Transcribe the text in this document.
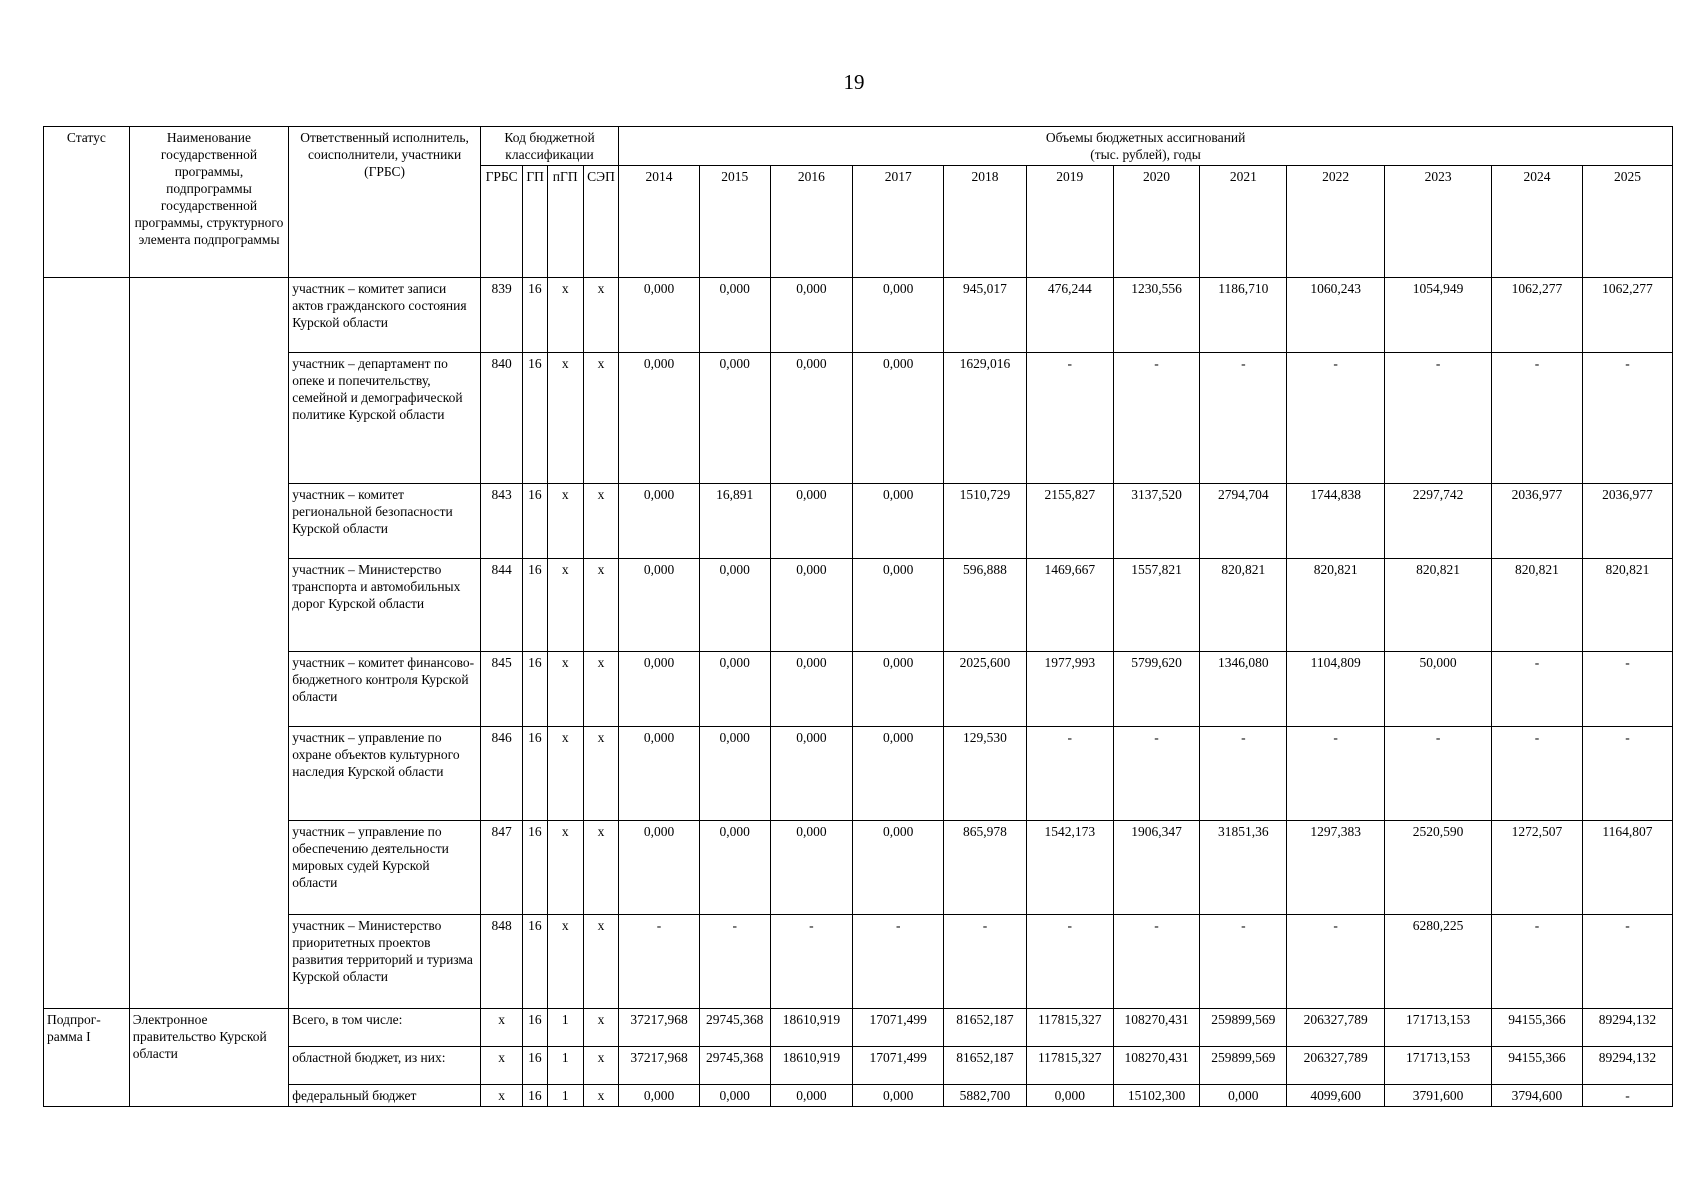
19
Статус	Наименование государственной программы, подпрограммы государственной программы, структурного элемента подпрограммы	Ответственный исполнитель, соисполнители, участники (ГРБС)	Код бюджетной классификации				Объемы бюджетных ассигнований
(тыс. рублей), годы											

			ГРБС	ГП	пГП	СЭП	2014	2015	2016	2017	2018	2019	2020	2021	2022	2023	2024	2025
		участник – комитет записи актов гражданского состояния Курской области	839	16	х	х	0,000	0,000	0,000	0,000	945,017	476,244	1230,556	1186,710	1060,243	1054,949	1062,277	1062,277
		участник – департамент по опеке и попечительству, семейной и демографической политике Курской области	840	16	х	х	0,000	0,000	0,000	0,000	1629,016	-	-	-	-	-	-	-
		участник – комитет региональной безопасности Курской области	843	16	х	х	0,000	16,891	0,000	0,000	1510,729	2155,827	3137,520	2794,704	1744,838	2297,742	2036,977	2036,977
		участник – Министерство транспорта и автомобильных дорог Курской области	844	16	х	х	0,000	0,000	0,000	0,000	596,888	1469,667	1557,821	820,821	820,821	820,821	820,821	820,821
		участник – комитет финансово-бюджетного контроля Курской области	845	16	х	х	0,000	0,000	0,000	0,000	2025,600	1977,993	5799,620	1346,080	1104,809	50,000	-	-
		участник – управление по охране объектов культурного наследия Курской области	846	16	х	х	0,000	0,000	0,000	0,000	129,530	-	-	-	-	-	-	-
		участник – управление по обеспечению деятельности мировых судей Курской области	847	16	х	х	0,000	0,000	0,000	0,000	865,978	1542,173	1906,347	31851,36	1297,383	2520,590	1272,507	1164,807
		участник – Министерство приоритетных проектов развития территорий и туризма Курской области	848	16	х	х	-	-	-	-	-	-	-	-	-	6280,225	-	-
Подпрог-рамма I	Электронное правительство Курской области	Всего, в том числе:	х	16	1	х	37217,968	29745,368	18610,919	17071,499	81652,187	117815,327	108270,431	259899,569	206327,789	171713,153	94155,366	89294,132
		областной бюджет, из них:	х	16	1	х	37217,968	29745,368	18610,919	17071,499	81652,187	117815,327	108270,431	259899,569	206327,789	171713,153	94155,366	89294,132
		федеральный бюджет	х	16	1	х	0,000	0,000	0,000	0,000	5882,700	0,000	15102,300	0,000	4099,600	3791,600	3794,600	-
